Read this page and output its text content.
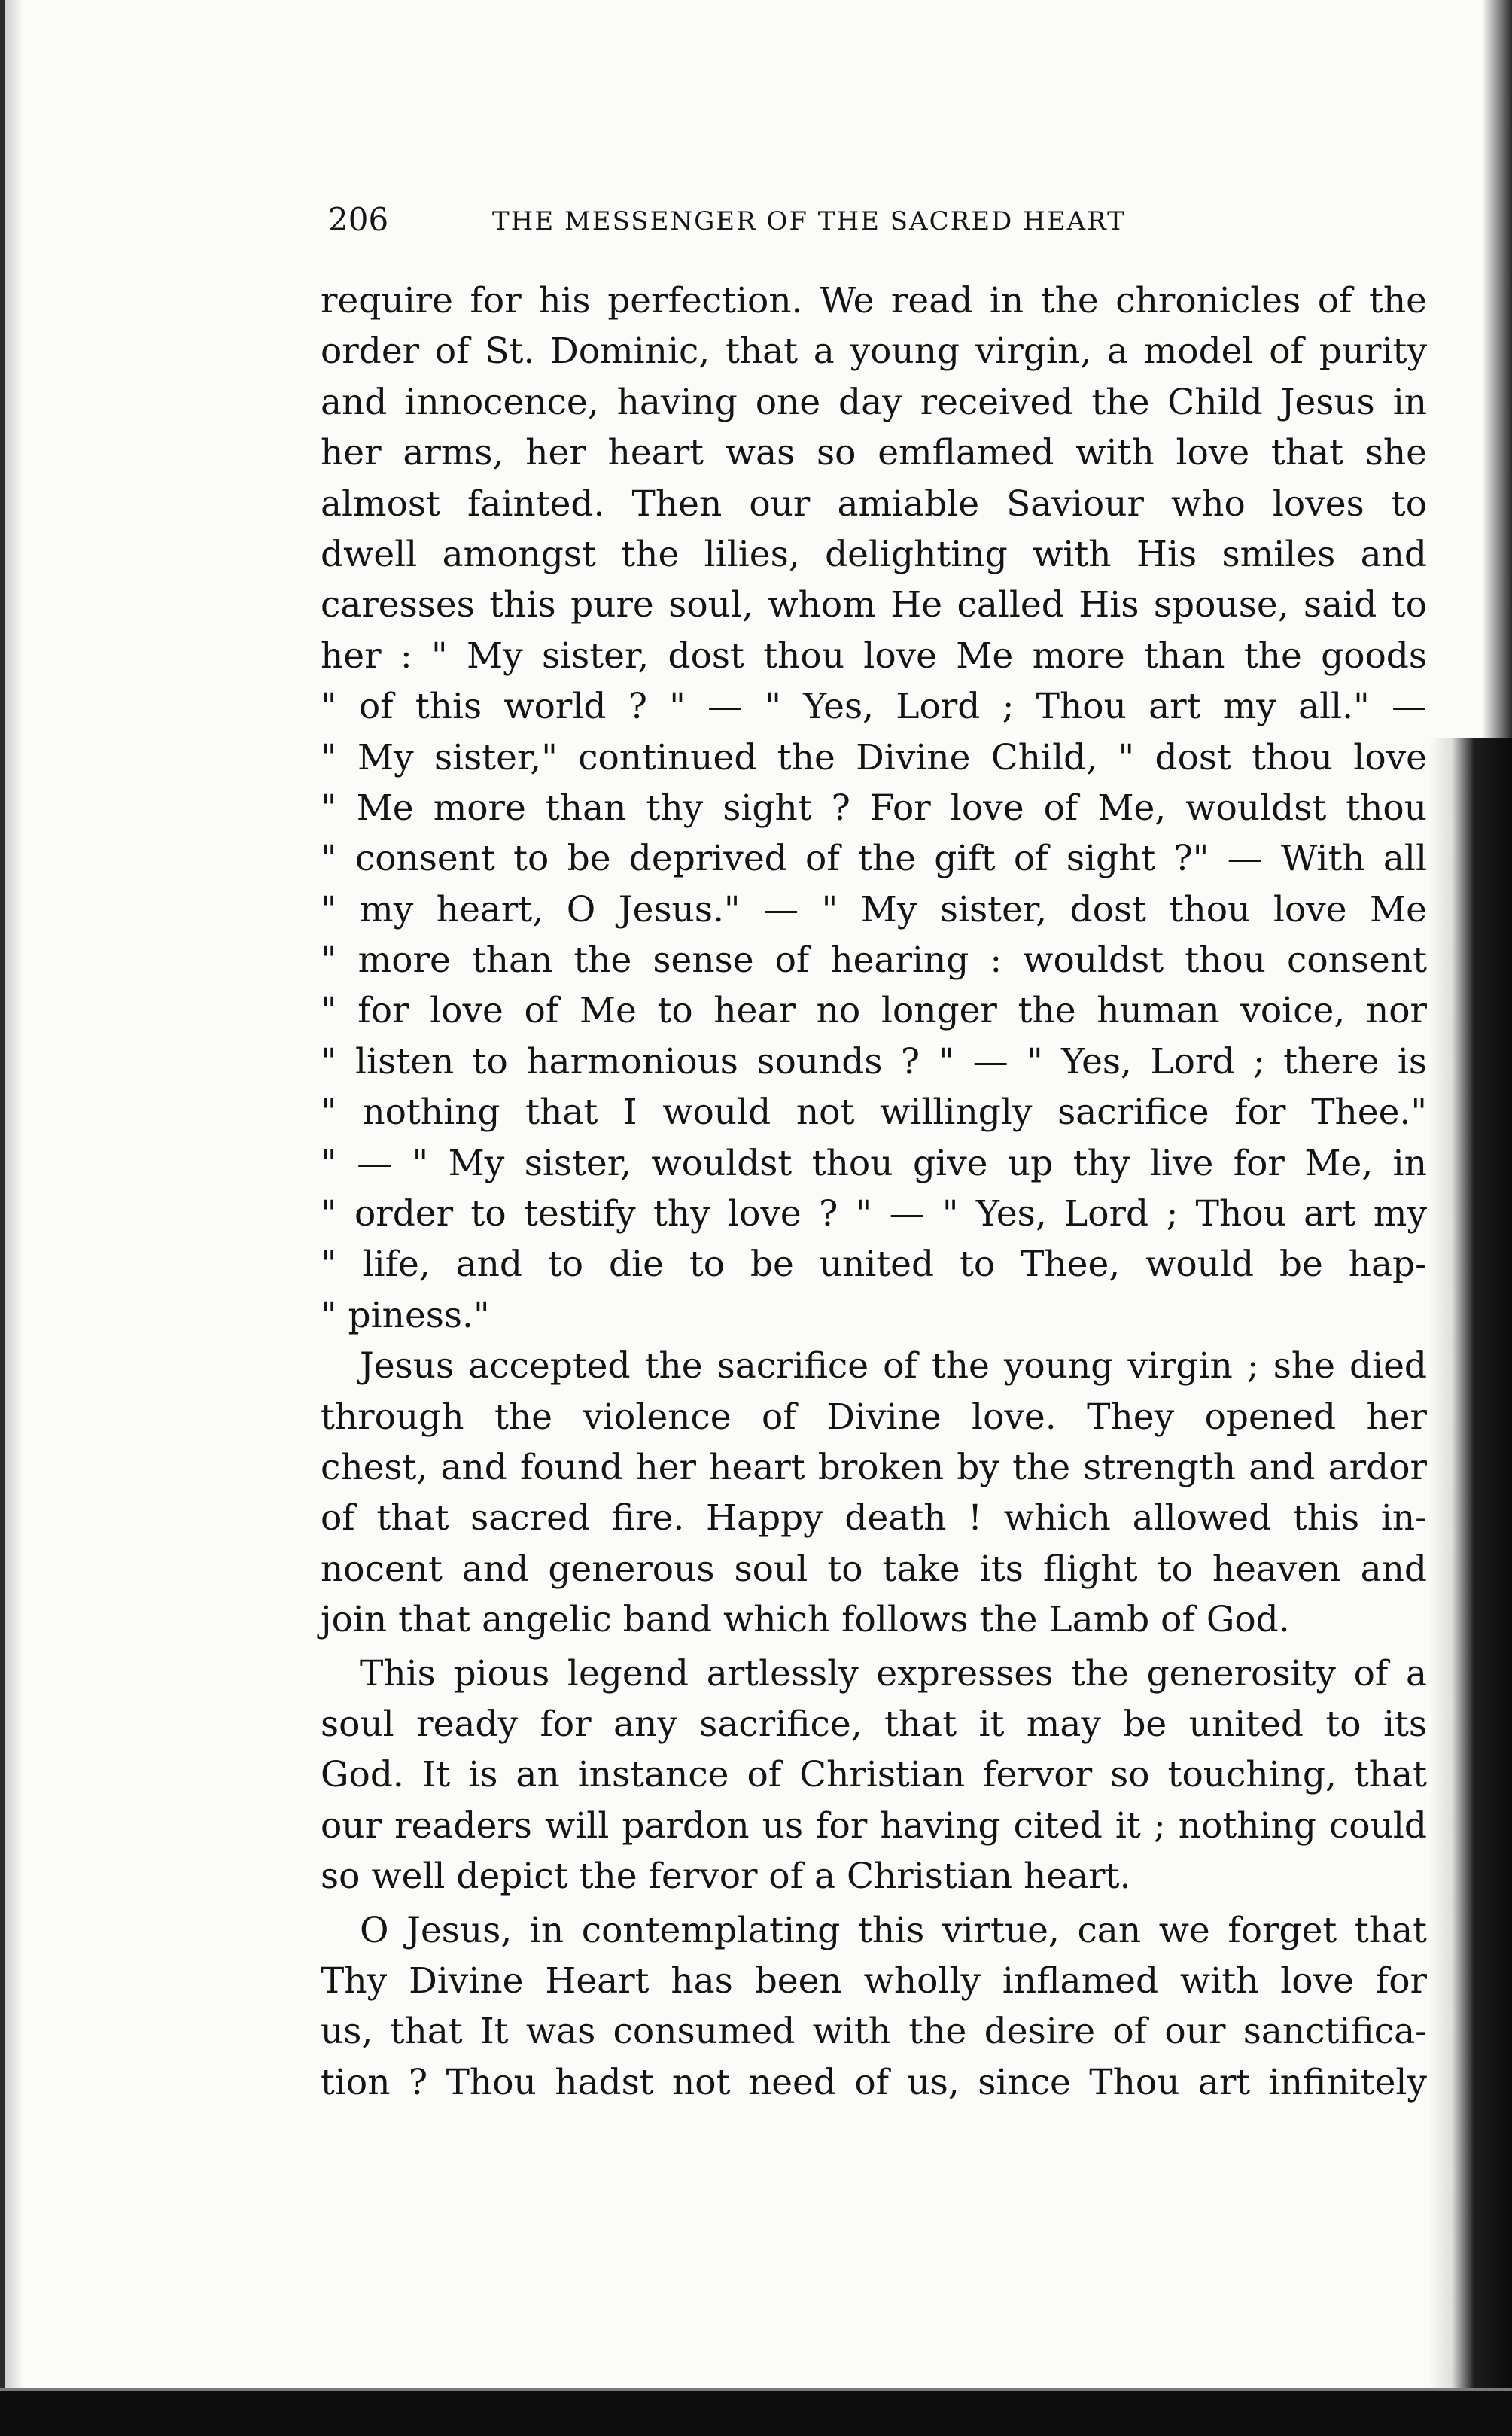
206	THE MESSENGER OF THE SACRED HEART
require for his perfection. We read in the chronicles of the
order of St. Dominic, that a young virgin, a model of purity
and innocence, having one day received the Child Jesus in
her arms, her heart was so emflamed with love that she
almost fainted. Then our amiable Saviour who loves to
dwell amongst the lilies, delighting with His smiles and
caresses this pure soul, whom He called His spouse, said to
her : " My sister, dost thou love Me more than the goods
" of this world ? " — " Yes, Lord ; Thou art my all." —
" My sister," continued the Divine Child, " dost thou love
" Me more than thy sight ? For love of Me, wouldst thou
" consent to be deprived of the gift of sight ?" — With all
" my heart, O Jesus." — " My sister, dost thou love Me
" more than the sense of hearing : wouldst thou consent
" for love of Me to hear no longer the human voice, nor
" listen to harmonious sounds ? " — " Yes, Lord ; there is
" nothing that I would not willingly sacrifice for Thee."
" — " My sister, wouldst thou give up thy live for Me, in
" order to testify thy love ? " — " Yes, Lord ; Thou art my
" life, and to die to be united to Thee, would be hap-
" piness."
Jesus accepted the sacrifice of the young virgin ; she died
through the violence of Divine love. They opened her
chest, and found her heart broken by the strength and ardor
of that sacred fire. Happy death ! which allowed this in-
nocent and generous soul to take its flight to heaven and
join that angelic band which follows the Lamb of God.
This pious legend artlessly expresses the generosity of a
soul ready for any sacrifice, that it may be united to its
God. It is an instance of Christian fervor so touching, that
our readers will pardon us for having cited it ; nothing could
so well depict the fervor of a Christian heart.
O Jesus, in contemplating this virtue, can we forget that
Thy Divine Heart has been wholly inflamed with love for
us, that It was consumed with the desire of our sanctifica-
tion ? Thou hadst not need of us, since Thou art infinitely
